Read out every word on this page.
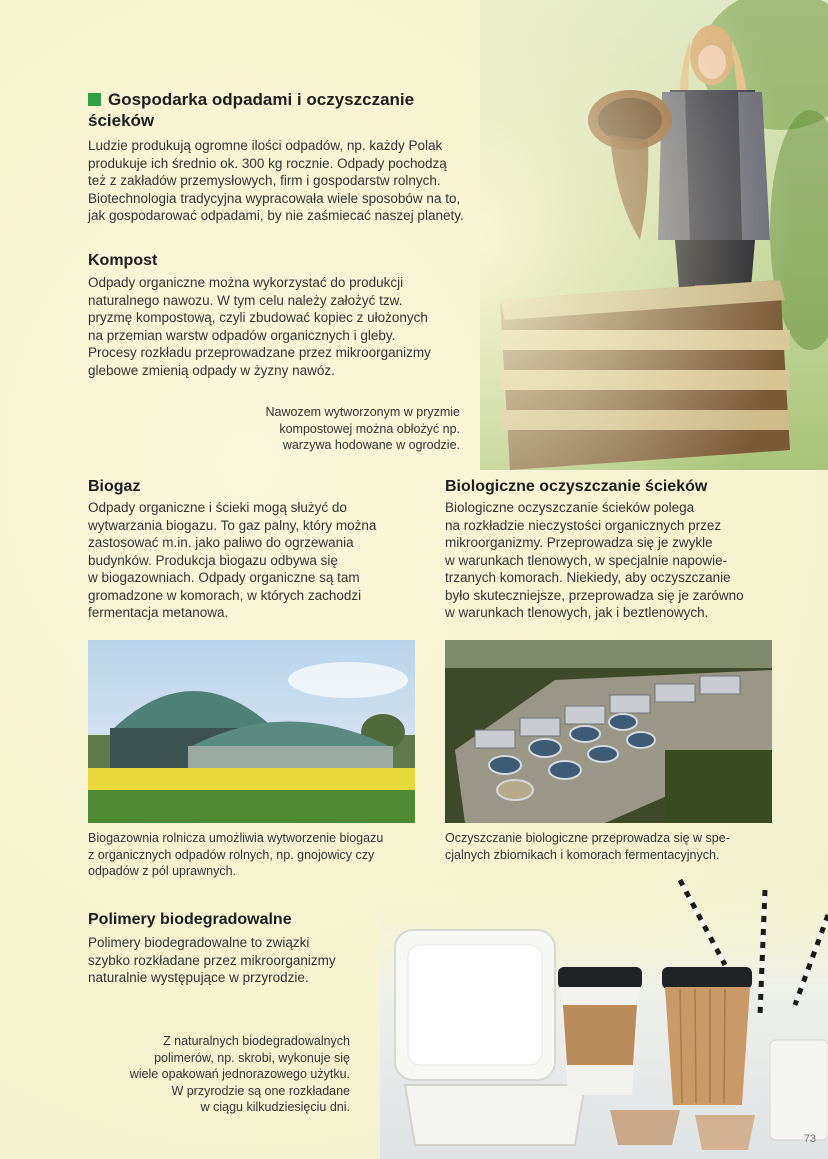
Gospodarka odpadami i oczyszczanie
ścieków
Ludzie produkują ogromne ilości odpadów, np. każdy Polak
produkuje ich średnio ok. 300 kg rocznie. Odpady pochodzą
też z zakładów przemysłowych, firm i gospodarstw rolnych.
Biotechnologia tradycyjna wypracowała wiele sposobów na to,
jak gospodarować odpadami, by nie zaśmiecać naszej planety.
Kompost
Odpady organiczne można wykorzystać do produkcji
naturalnego nawozu. W tym celu należy założyć tzw.
pryzmę kompostową, czyli zbudować kopiec z ułożonych
na przemian warstw odpadów organicznych i gleby.
Procesy rozkładu przeprowadzane przez mikroorganizmy
glebowe zmienią odpady w żyzny nawóz.
Nawozem wytworzonym w pryzmie
kompostowej można obłożyć np.
warzywa hodowane w ogrodzie.
Biogaz
Odpady organiczne i ścieki mogą służyć do
wytwarzania biogazu. To gaz palny, który można
zastosować m.in. jako paliwo do ogrzewania
budynków. Produkcja biogazu odbywa się
w biogazowniach. Odpady organiczne są tam
gromadzone w komorach, w których zachodzi
fermentacja metanowa.
Biologiczne oczyszczanie ścieków
Biologiczne oczyszczanie ścieków polega
na rozkładzie nieczystości organicznych przez
mikroorganizmy. Przeprowadza się je zwykle
w warunkach tlenowych, w specjalnie napowie-
trzanych komorach. Niekiedy, aby oczyszczanie
było skuteczniejsze, przeprowadza się je zarówno
w warunkach tlenowych, jak i beztlenowych.
Biogazownia rolnicza umożliwia wytworzenie biogazu
z organicznych odpadów rolnych, np. gnojowicy czy
odpadów z pól uprawnych.
Oczyszczanie biologiczne przeprowadza się w spe-
cjalnych zbiornikach i komorach fermentacyjnych.
Polimery biodegradowalne
Polimery biodegradowalne to związki
szybko rozkładane przez mikroorganizmy
naturalnie występujące w przyrodzie.
Z naturalnych biodegradowalnych
polimerów, np. skrobi, wykonuje się
wiele opakowań jednorazowego użytku.
W przyrodzie są one rozkładane
w ciągu kilkudziesięciu dni.
73
